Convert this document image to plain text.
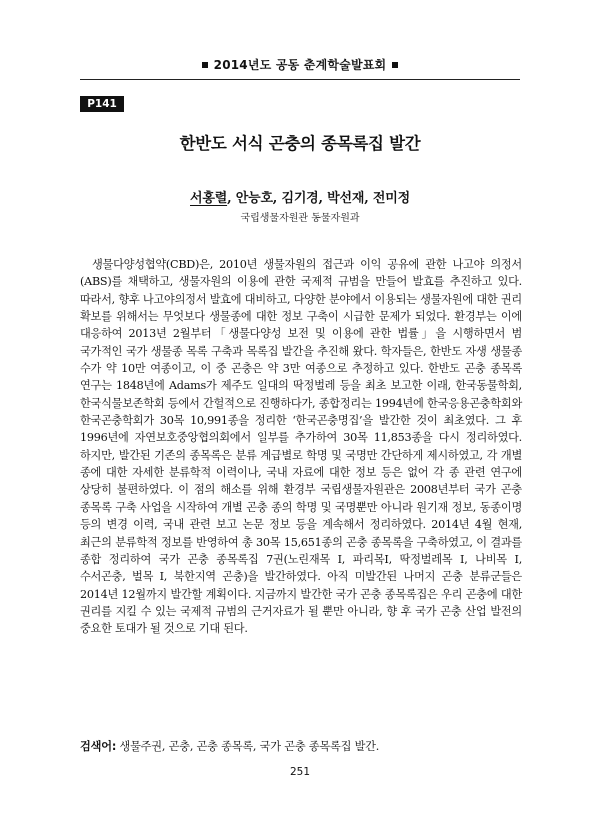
2014년도 공동 춘계학술발표회
P141
한반도 서식 곤충의 종목록집 발간
서홍렬, 안능호, 김기경, 박선재, 전미정
국립생물자원관 동물자원과
생물다양성협약(CBD)은, 2010년 생물자원의 접근과 이익 공유에 관한 나고야 의정서(ABS)를 채택하고, 생물자원의 이용에 관한 국제적 규범을 만들어 발효를 추진하고 있다. 따라서, 향후 나고야의정서 발효에 대비하고, 다양한 분야에서 이용되는 생물자원에 대한 권리 확보를 위해서는 무엇보다 생물종에 대한 정보 구축이 시급한 문제가 되었다. 환경부는 이에 대응하여 2013년 2월부터「생물다양성 보전 및 이용에 관한 법률」을 시행하면서 범 국가적인 국가 생물종 목록 구축과 목록집 발간을 추진해 왔다. 학자들은, 한반도 자생 생물종 수가 약 10만 여종이고, 이 중 곤충은 약 3만 여종으로 추정하고 있다. 한반도 곤충 종목록 연구는 1848년에 Adams가 제주도 일대의 딱정벌레 등을 최초 보고한 이래, 한국동물학회, 한국식물보존학회 등에서 간헐적으로 진행하다가, 종합정리는 1994년에 한국응용곤충학회와 한국곤충학회가 30목 10,991종을 정리한 ‘한국곤충명집’을 발간한 것이 최초였다. 그 후 1996년에 자연보호중앙협의회에서 일부를 추가하여 30목 11,853종을 다시 정리하였다. 하지만, 발간된 기존의 종목록은 분류 계급별로 학명 및 국명만 간단하게 제시하였고, 각 개별 종에 대한 자세한 분류학적 이력이나, 국내 자료에 대한 정보 등은 없어 각 종 관련 연구에 상당히 불편하였다. 이 점의 해소를 위해 환경부 국립생물자원관은 2008년부터 국가 곤충 종목록 구축 사업을 시작하여 개별 곤충 종의 학명 및 국명뿐만 아니라 원기재 정보, 동종이명 등의 변경 이력, 국내 관련 보고 논문 정보 등을 계속해서 정리하였다. 2014년 4월 현재, 최근의 분류학적 정보를 반영하여 총 30목 15,651종의 곤충 종목록을 구축하였고, 이 결과를 종합 정리하여 국가 곤충 종목록집 7권(노린재목 I, 파리목I, 딱정벌레목 I, 나비목 I, 수서곤충, 벌목 I, 북한지역 곤충)을 발간하였다. 아직 미발간된 나머지 곤충 분류군들은 2014년 12월까지 발간할 계획이다. 지금까지 발간한 국가 곤충 종목록집은 우리 곤충에 대한 권리를 지킬 수 있는 국제적 규범의 근거자료가 될 뿐만 아니라, 향 후 국가 곤충 산업 발전의 중요한 토대가 될 것으로 기대 된다.
검색어: 생물주권, 곤충, 곤충 종목록, 국가 곤충 종목록집 발간.
251
